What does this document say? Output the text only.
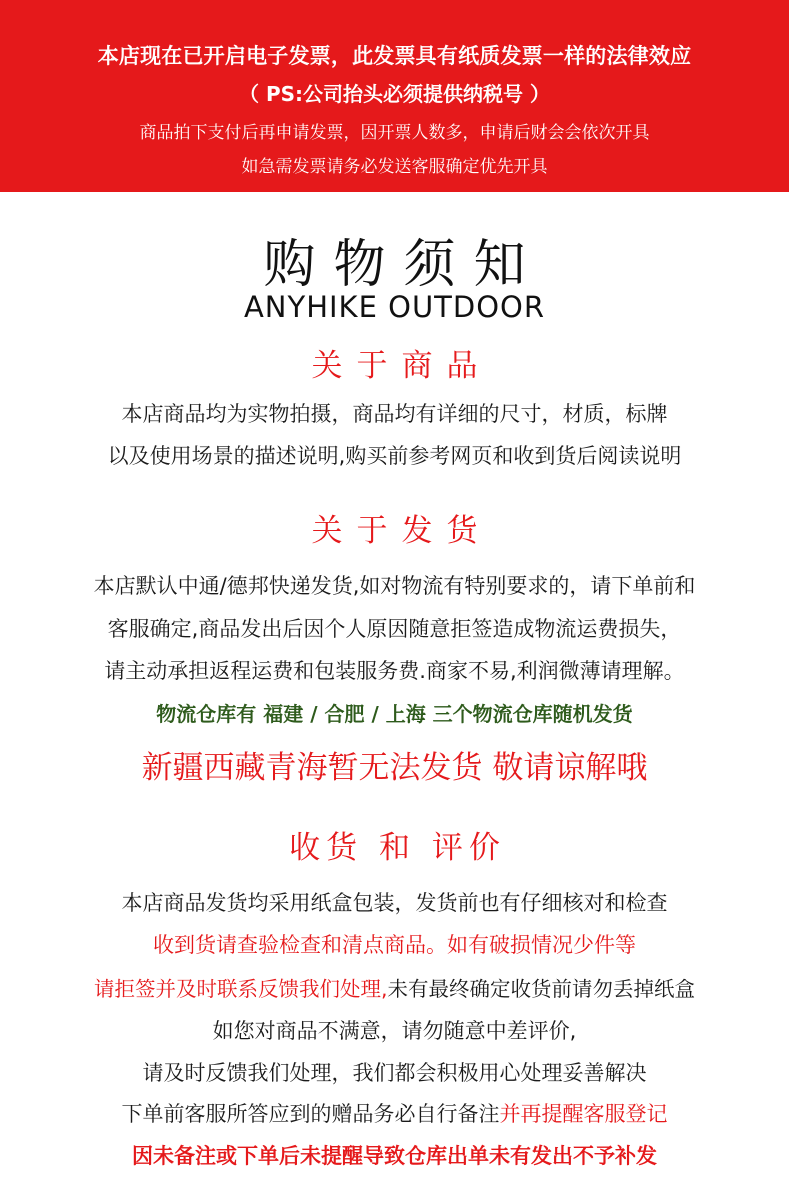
本店现在已开启电子发票，此发票具有纸质发票一样的法律效应
（ PS:公司抬头必须提供纳税号 ）
商品拍下支付后再申请发票，因开票人数多，申请后财会会依次开具
如急需发票请务必发送客服确定优先开具
购物须知
ANYHIKE OUTDOOR
关于商品
本店商品均为实物拍摄，商品均有详细的尺寸，材质，标牌
以及使用场景的描述说明,购买前参考网页和收到货后阅读说明
关于发货
本店默认中通/德邦快递发货,如对物流有特别要求的，请下单前和
客服确定,商品发出后因个人原因随意拒签造成物流运费损失，
请主动承担返程运费和包装服务费.商家不易,利润微薄请理解。
物流仓库有 福建 / 合肥 / 上海 三个物流仓库随机发货
新疆西藏青海暂无法发货 敬请谅解哦
收货 和 评价
本店商品发货均采用纸盒包装，发货前也有仔细核对和检查
收到货请查验检查和清点商品。如有破损情况少件等
请拒签并及时联系反馈我们处理,未有最终确定收货前请勿丢掉纸盒
如您对商品不满意，请勿随意中差评价,
请及时反馈我们处理，我们都会积极用心处理妥善解决
下单前客服所答应到的赠品务必自行备注并再提醒客服登记
因未备注或下单后未提醒导致仓库出单未有发出不予补发
